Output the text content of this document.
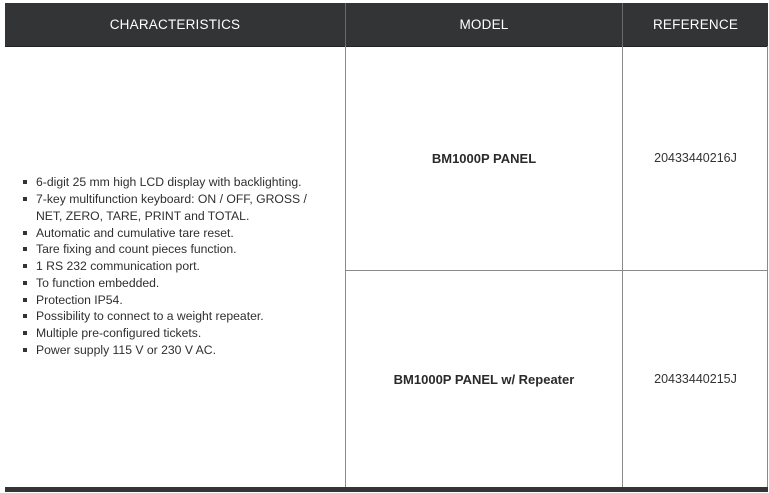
CHARACTERISTICS	MODEL	REFERENCE
6-digit 25 mm high LCD display with backlighting.
7-key multifunction keyboard: ON / OFF, GROSS / NET, ZERO, TARE, PRINT and TOTAL.
Automatic and cumulative tare reset.
Tare fixing and count pieces function.
1 RS 232 communication port.
To function embedded.
Protection IP54.
Possibility to connect to a weight repeater.
Multiple pre-configured tickets.
Power supply 115 V or 230 V AC.
BM1000P PANEL	20433440216J
BM1000P PANEL w/ Repeater	20433440215J
